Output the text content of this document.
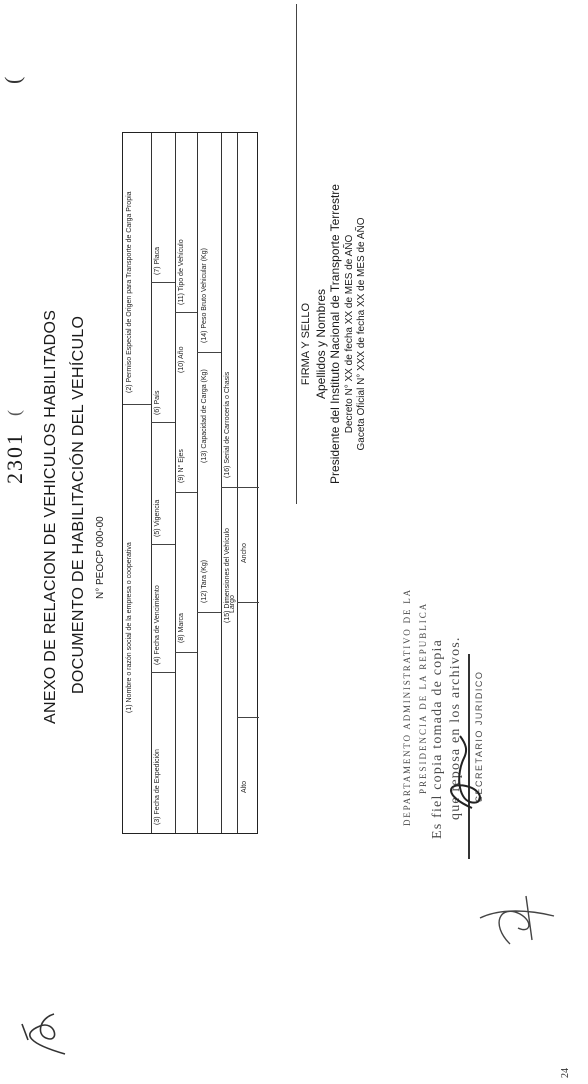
2301
(
(
ANEXO DE RELACION DE VEHICULOS HABILITADOS DOCUMENTO DE HABILITACIÓN DEL VEHÍCULO N° PEOCP 000-00	(1) Nombre o razón social de la empresa o cooperativa
(2) Permiso Especial de Origen para Transporte de Carga Propia
(3) Fecha de Expedición
(4) Fecha de Vencimiento
(5) Vigencia
(6) País
(7) Placa
(8) Marca
(9) N° Ejes
(10) Año
(11) Tipo de Vehículo
(12) Tara (Kg)
(13) Capacidad de Carga (Kg)
(14) Peso Bruto Vehicular (Kg)
(15) Dimensiones del Vehículo
(16) Serial de Carrocería o Chasis
Alto
Largo
Ancho
FIRMA Y SELLO Apellidos y Nombres Presidente del Instituto Nacional de Transporte Terrestre Decreto N° XX de fecha XX de MES de AÑO Gaceta Oficial N° XXX de fecha XX de MES de AÑO
DEPARTAMENTO ADMINISTRATIVO DE LA PRESIDENCIA DE LA REPUBLICA Es fiel copia tomada de copia que reposa en los archivos. SECRETARIO JURIDICO
24
